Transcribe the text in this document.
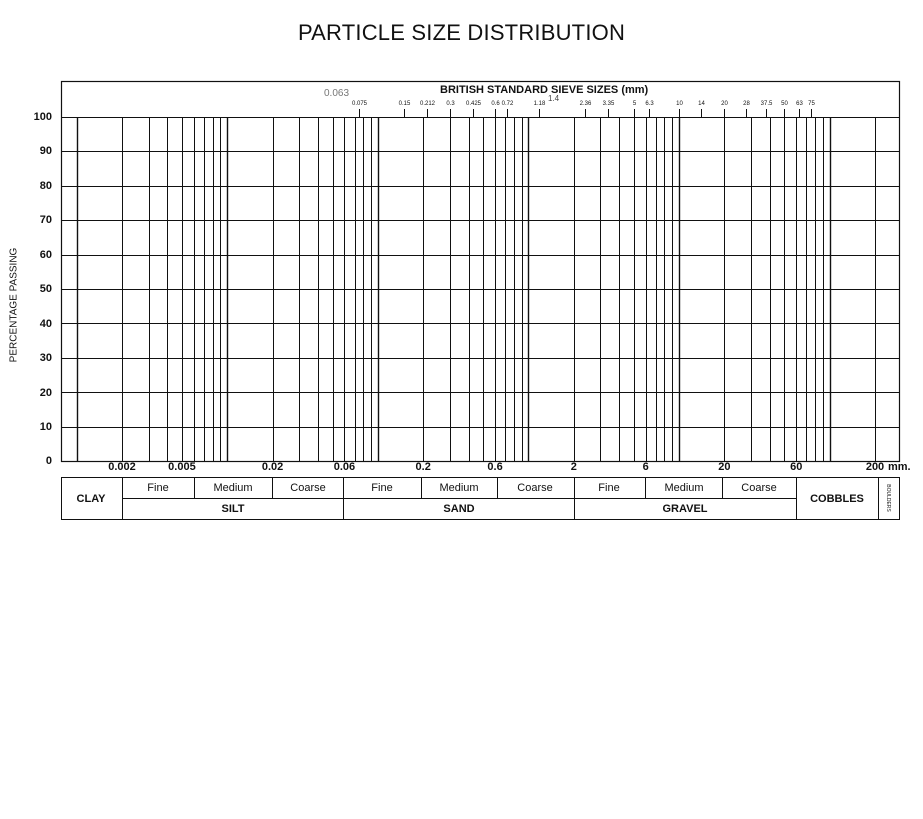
PARTICLE SIZE DISTRIBUTION
PERCENTAGE PASSING
0
10
20
30
40
50
60
70
80
90
100
BRITISH STANDARD SIEVE SIZES (mm)
0.075	0.15 0.212 0.3 0.425 0.6 0.72	1.18	2.36 3.35	5 6.3	10	14	20	28 37.5 50 63 75
0.002	0.005	0.02	0.06	0.2	0.6	2	6	20	60	200 mm.
0.063	1.4
CLAY
Fine	Medium	Coarse
SILT
Fine	Medium	Coarse
SAND
Fine	Medium	Coarse
GRAVEL
COBBLES	BOULDERS
